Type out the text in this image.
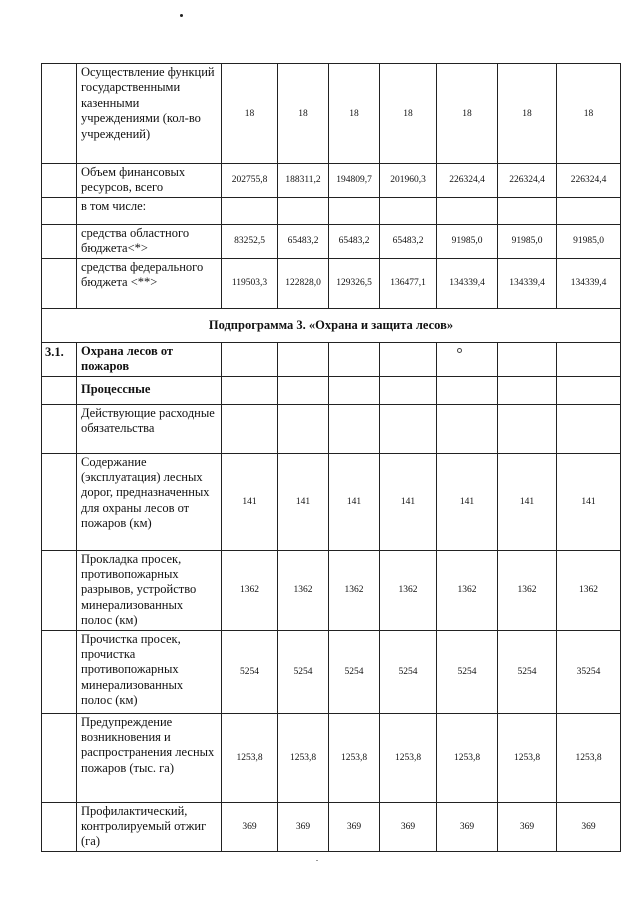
	Осуществление функций государственными казенными учреждениями (кол-во учреждений)	18	18	18	18	18	18	18
	Объем финансовых ресурсов, всего	202755,8	188311,2	194809,7	201960,3	226324,4	226324,4	226324,4
	в том числе:							
	средства областного бюджета<*>	83252,5	65483,2	65483,2	65483,2	91985,0	91985,0	91985,0
	средства федерального бюджета <**>	119503,3	122828,0	129326,5	136477,1	134339,4	134339,4	134339,4
Подпрограмма 3. «Охрана и защита лесов»								
3.1.	Охрана лесов от пожаров							
	Процессные							
	Действующие расходные обязательства							
	Содержание (эксплуатация) лесных дорог, предназначенных для охраны лесов от пожаров (км)	141	141	141	141	141	141	141
	Прокладка просек, противопожарных разрывов, устройство минерализованных полос (км)	1362	1362	1362	1362	1362	1362	1362
	Прочистка просек, прочистка противопожарных минерализованных полос (км)	5254	5254	5254	5254	5254	5254	35254
	Предупреждение возникновения и распространения лесных пожаров (тыс. га)	1253,8	1253,8	1253,8	1253,8	1253,8	1253,8	1253,8
	Профилактический, контролируемый отжиг (га)	369	369	369	369	369	369	369
